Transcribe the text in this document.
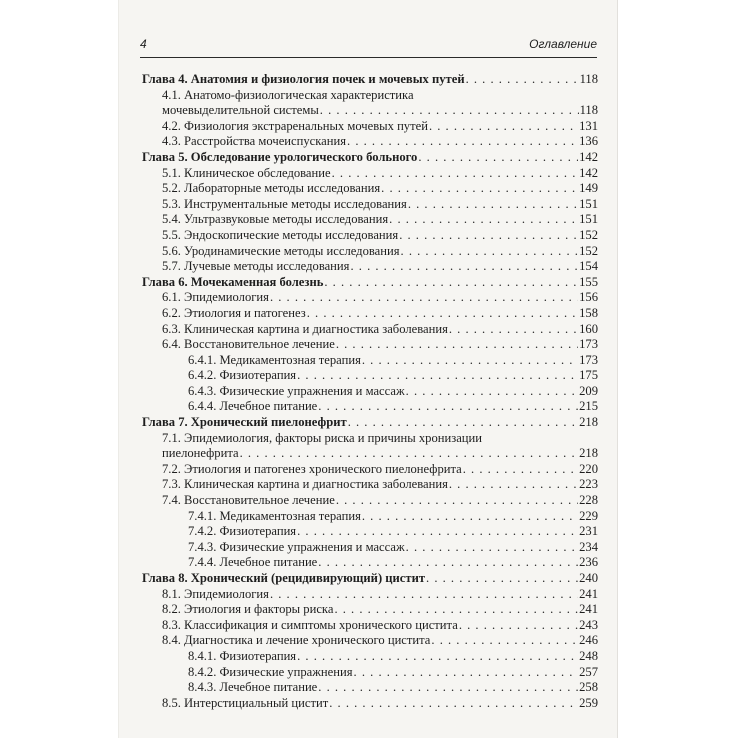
4	Оглавление
Глава 4. Анатомия и физиология почек и мочевых путей . . .	118
4.1. Анатомо-физиологическая характеристика
мочевыделительной системы . . .	118
4.2. Физиология экстраренальных мочевых путей . . .	131
4.3. Расстройства мочеиспускания . . .	136
Глава 5. Обследование урологического больного . . .	142
5.1. Клиническое обследование . . .	142
5.2. Лабораторные методы исследования . . .	149
5.3. Инструментальные методы исследования . . .	151
5.4. Ультразвуковые методы исследования . . .	151
5.5. Эндоскопические методы исследования . . .	152
5.6. Уродинамические методы исследования . . .	152
5.7. Лучевые методы исследования . . .	154
Глава 6. Мочекаменная болезнь . . .	155
6.1. Эпидемиология . . .	156
6.2. Этиология и патогенез . . .	158
6.3. Клиническая картина и диагностика заболевания . . .	160
6.4. Восстановительное лечение . . .	173
6.4.1. Медикаментозная терапия . . .	173
6.4.2. Физиотерапия . . .	175
6.4.3. Физические упражнения и массаж . . .	209
6.4.4. Лечебное питание . . .	215
Глава 7. Хронический пиелонефрит . . .	218
7.1. Эпидемиология, факторы риска и причины хронизации
пиелонефрита . . .	218
7.2. Этиология и патогенез хронического пиелонефрита . . .	220
7.3. Клиническая картина и диагностика заболевания . . .	223
7.4. Восстановительное лечение . . .	228
7.4.1. Медикаментозная терапия . . .	229
7.4.2. Физиотерапия . . .	231
7.4.3. Физические упражнения и массаж . . .	234
7.4.4. Лечебное питание . . .	236
Глава 8. Хронический (рецидивирующий) цистит . . .	240
8.1. Эпидемиология . . .	241
8.2. Этиология и факторы риска . . .	241
8.3. Классификация и симптомы хронического цистита . . .	243
8.4. Диагностика и лечение хронического цистита . . .	246
8.4.1. Физиотерапия . . .	248
8.4.2. Физические упражнения . . .	257
8.4.3. Лечебное питание . . .	258
8.5. Интерстициальный цистит . . .	259
